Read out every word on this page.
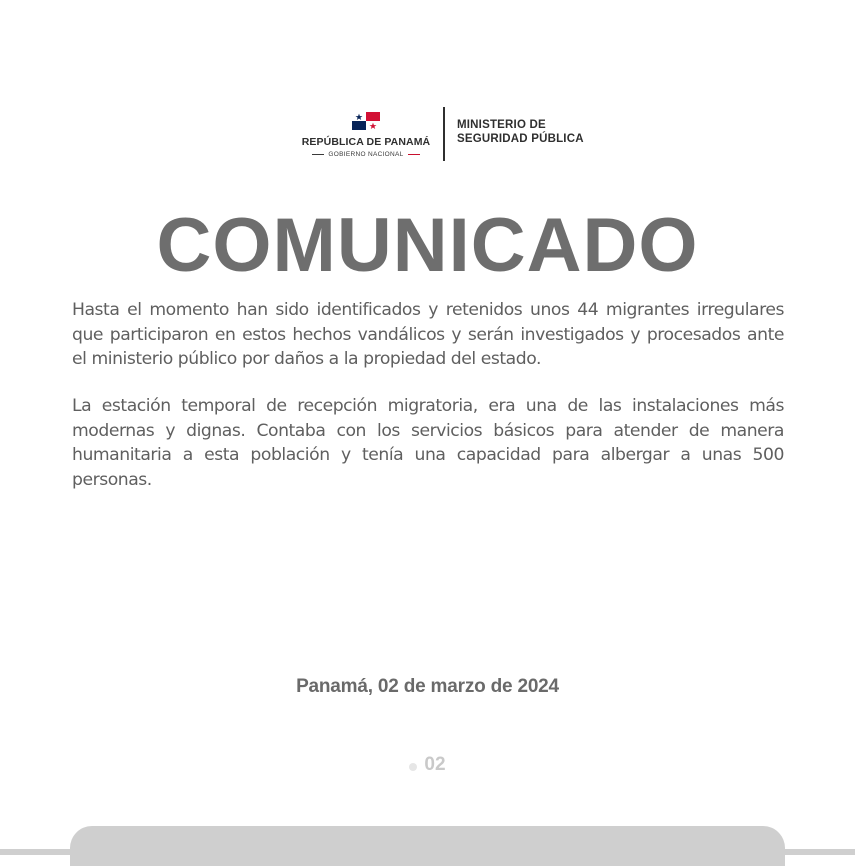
REPÚBLICA DE PANAMÁ
GOBIERNO NACIONAL
MINISTERIO DE
SEGURIDAD PÚBLICA
COMUNICADO
Hasta el momento han sido identificados y retenidos unos 44 migrantes irregulares que participaron en estos hechos vandálicos y serán investigados y procesados ante el ministerio público por daños a la propiedad del estado.
La estación temporal de recepción migratoria, era una de las instalaciones más modernas y dignas. Contaba con los servicios básicos para atender de manera humanitaria a esta población y tenía una capacidad para albergar a unas 500 personas.
Panamá, 02 de marzo de 2024
02
